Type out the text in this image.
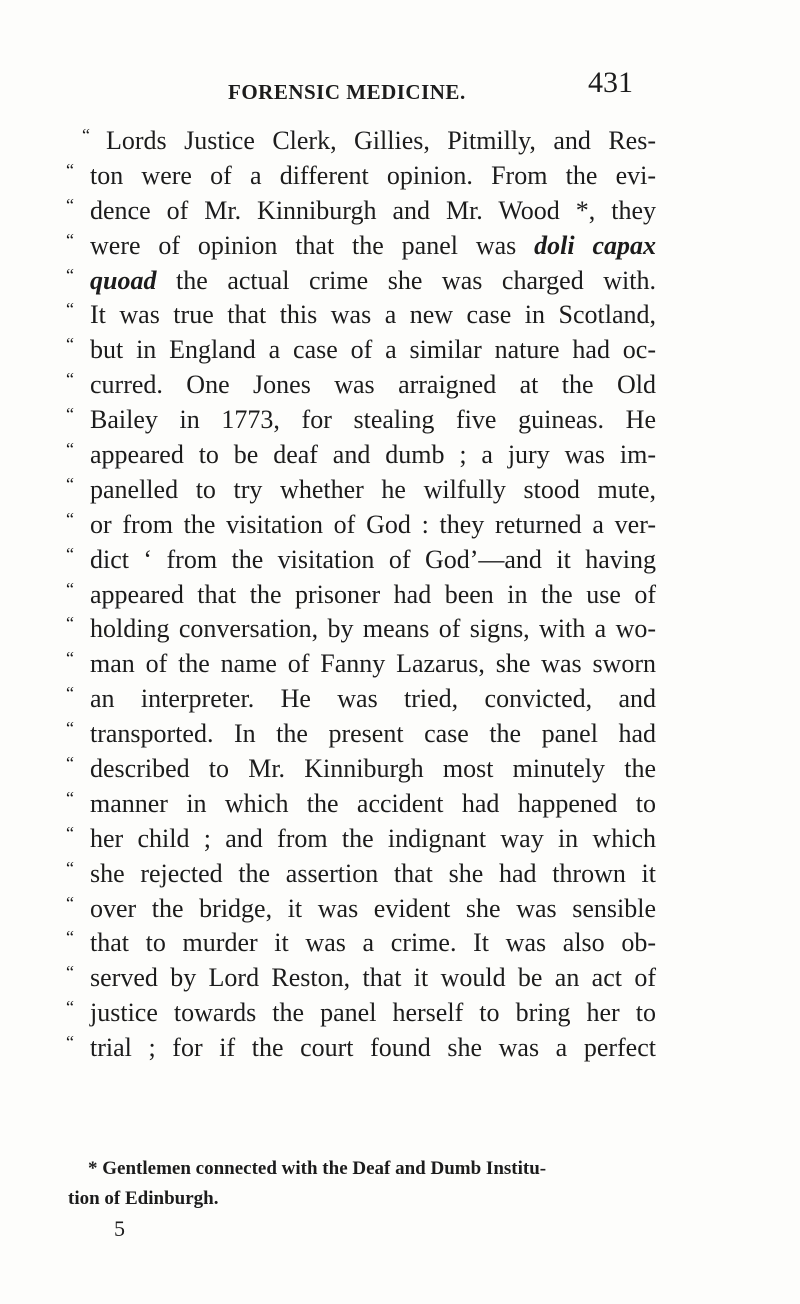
FORENSIC MEDICINE.	431
“ Lords Justice Clerk, Gillies, Pitmilly, and Res-
“ ton were of a different opinion. From the evi-
“ dence of Mr. Kinniburgh and Mr. Wood *, they
“ were of opinion that the panel was doli capax
“ quoad the actual crime she was charged with.
“ It was true that this was a new case in Scotland,
“ but in England a case of a similar nature had oc-
“ curred. One Jones was arraigned at the Old
“ Bailey in 1773, for stealing five guineas. He
“ appeared to be deaf and dumb ; a jury was im-
“ panelled to try whether he wilfully stood mute,
“ or from the visitation of God : they returned a ver-
“ dict ‘ from the visitation of God’—and it having
“ appeared that the prisoner had been in the use of
“ holding conversation, by means of signs, with a wo-
“ man of the name of Fanny Lazarus, she was sworn
“ an interpreter. He was tried, convicted, and
“ transported. In the present case the panel had
“ described to Mr. Kinniburgh most minutely the
“ manner in which the accident had happened to
“ her child ; and from the indignant way in which
“ she rejected the assertion that she had thrown it
“ over the bridge, it was evident she was sensible
“ that to murder it was a crime. It was also ob-
“ served by Lord Reston, that it would be an act of
“ justice towards the panel herself to bring her to
“ trial ; for if the court found she was a perfect
* Gentlemen connected with the Deaf and Dumb Institu-
tion of Edinburgh.
5
